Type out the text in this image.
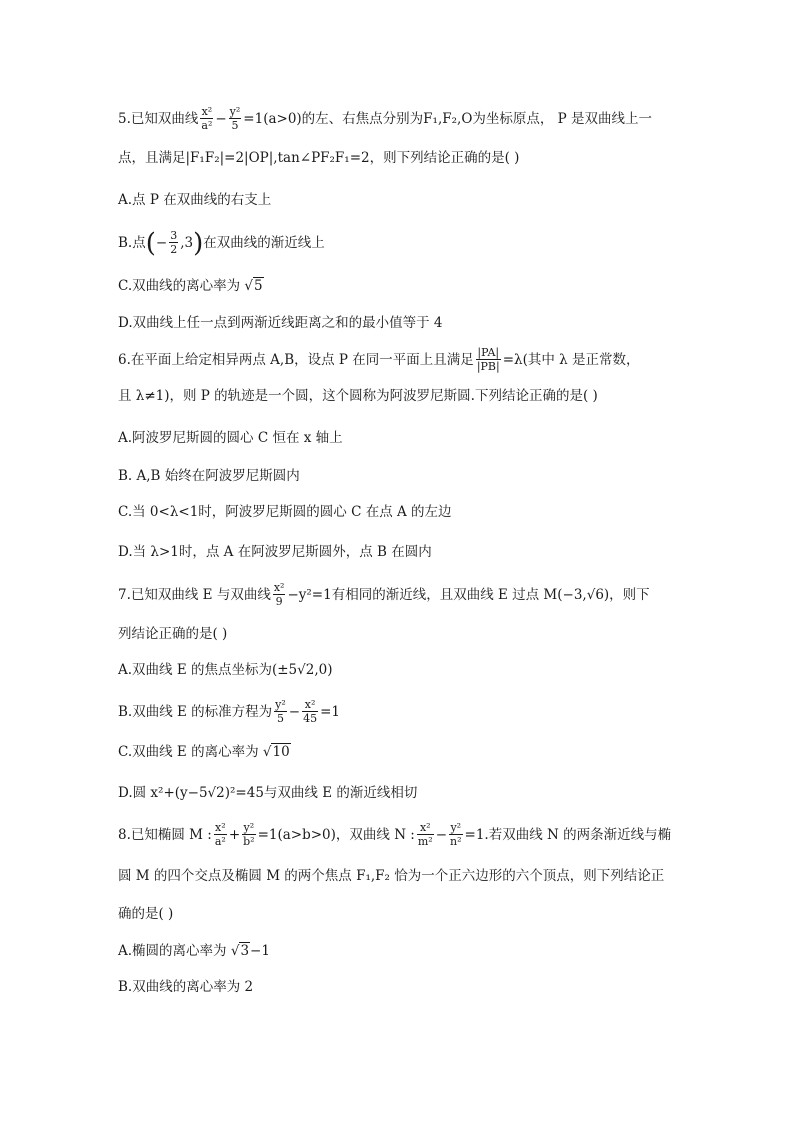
5.已知双曲线 $\frac{\text{x²}}{\text{a²}} - \frac{\text{y²}}{5} =1(a>0)$的左、右焦点分别为F₁,F₂,O为坐标原点， P 是双曲线上一
点，且满足|F₁F₂|=2|OP|,tan∠PF₂F₁=2，则下列结论正确的是( )
A.点 P 在双曲线的右支上
B.点(− $\frac{3}{2} ,3$)在双曲线的渐近线上
C.双曲线的离心率为 √5
D.双曲线上任一点到两渐近线距离之和的最小值等于 4
6.在平面上给定相异两点 A,B，设点 P 在同一平面上且满足 $\frac{|PA|}{|PB|} =\lambda$(其中 λ 是正常数，
且 λ≠1)，则 P 的轨迹是一个圆，这个圆称为阿波罗尼斯圆.下列结论正确的是( )
A.阿波罗尼斯圆的圆心 C 恒在 x 轴上
B. A,B 始终在阿波罗尼斯圆内
C.当 0<λ<1时，阿波罗尼斯圆的圆心 C 在点 A 的左边
D.当 λ>1时，点 A 在阿波罗尼斯圆外，点 B 在圆内
7.已知双曲线 E 与双曲线 $\frac{\text{x²}}{9} -y^2=1$有相同的渐近线，且双曲线 E 过点 M(−3,√6)，则下
列结论正确的是( )
A.双曲线 E 的焦点坐标为(±5√2,0)
B.双曲线 E 的标准方程为 $\frac{\text{y²}}{5} - \frac{\text{x²}}{45} =1$
C.双曲线 E 的离心率为 √10
D.圆 x²+(y−5√2)²=45与双曲线 E 的渐近线相切
8.已知椭圆 M : $\frac{\text{x²}}{\text{a²}} + \frac{\text{y²}}{\text{b²}} =1(a>b>0)$，双曲线 N : $\frac{\text{x²}}{\text{m²}} - \frac{\text{y²}}{\text{n²}} =1$.若双曲线 N 的两条渐近线与椭
圆 M 的四个交点及椭圆 M 的两个焦点 F₁,F₂ 恰为一个正六边形的六个顶点，则下列结论正
确的是( )
A.椭圆的离心率为 √3−1
B.双曲线的离心率为 2
